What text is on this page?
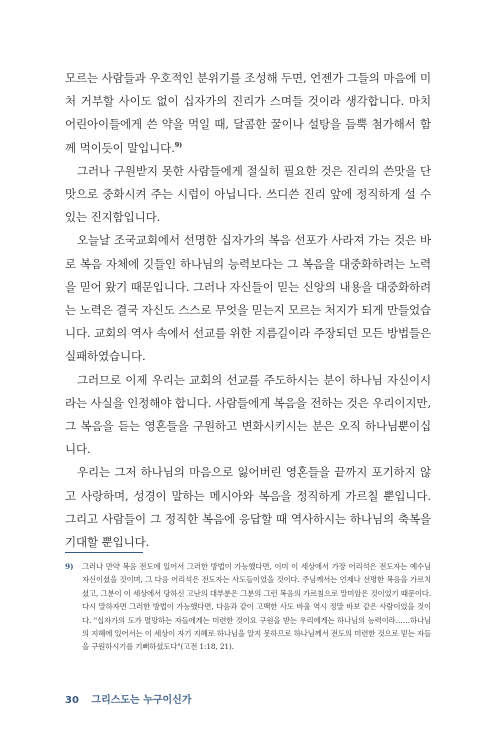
모르는 사람들과 우호적인 분위기를 조성해 두면, 언젠가 그들의 마음에 미처 거부할 사이도 없이 십자가의 진리가 스며들 것이라 생각합니다. 마치 어린아이들에게 쓴 약을 먹일 때, 달콤한 꿀이나 설탕을 듬뿍 첨가해서 함께 먹이듯이 말입니다.$^{9)}$

그러나 구원받지 못한 사람들에게 절실히 필요한 것은 진리의 쓴맛을 단맛으로 중화시켜 주는 시럽이 아닙니다. 쓰디쓴 진리 앞에 정직하게 설 수 있는 진지함입니다.

오늘날 조국교회에서 선명한 십자가의 복음 선포가 사라져 가는 것은 바로 복음 자체에 깃들인 하나님의 능력보다는 그 복음을 대중화하려는 노력을 믿어 왔기 때문입니다. 그러나 자신들이 믿는 신앙의 내용을 대중화하려는 노력은 결국 자신도 스스로 무엇을 믿는지 모르는 처지가 되게 만들었습니다. 교회의 역사 속에서 선교를 위한 지름길이라 주장되던 모든 방법들은 실패하였습니다.

그러므로 이제 우리는 교회의 선교를 주도하시는 분이 하나님 자신이시라는 사실을 인정해야 합니다. 사람들에게 복음을 전하는 것은 우리이지만, 그 복음을 듣는 영혼들을 구원하고 변화시키시는 분은 오직 하나님뿐이십니다.

우리는 그저 하나님의 마음으로 잃어버린 영혼들을 끝까지 포기하지 않고 사랑하며, 성경이 말하는 메시아와 복음을 정직하게 가르칠 뿐입니다. 그리고 사람들이 그 정직한 복음에 응답할 때 역사하시는 하나님의 축복을 기대할 뿐입니다.

9) 그러나 만약 복음 전도에 있어서 그러한 방법이 가능했다면, 이미 이 세상에서 가장 어리석은 전도자는 예수님 자신이셨을 것이며, 그 다음 어리석은 전도자는 사도들이었을 것이다. 주님께서는 언제나 선명한 복음을 가르치셨고, 그분이 이 세상에서 당하신 고난의 대부분은 그분의 그런 복음의 가르침으로 말미암은 것이었기 때문이다. 다시 말하자면 그러한 방법이 가능했다면, 다음과 같이 고백한 사도 바울 역시 정말 바보 같은 사람이었을 것이다. "십자가의 도가 멸망하는 자들에게는 미련한 것이요 구원을 받는 우리에게는 하나님의 능력이라……하나님의 지혜에 있어서는 이 세상이 자기 지혜로 하나님을 알지 못하므로 하나님께서 전도의 미련한 것으로 믿는 자들을 구원하시기를 기뻐하셨도다"(고전 1:18, 21).
30 그리스도는 누구이신가
